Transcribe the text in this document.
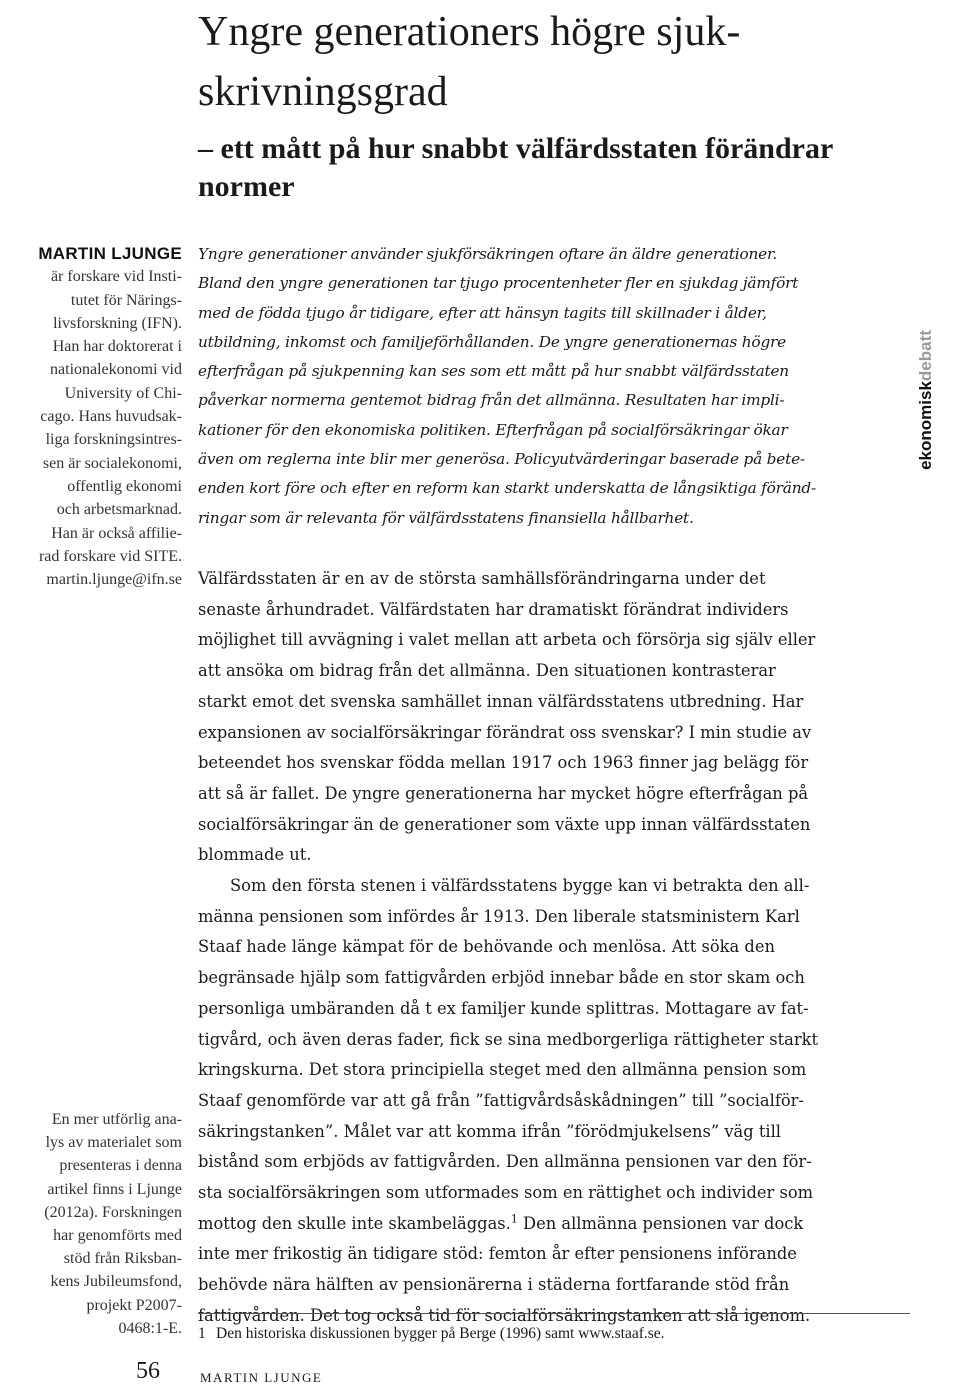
Yngre generationers högre sjuk-
skrivningsgrad
– ett mått på hur snabbt välfärdsstaten förändrar
normer
MARTIN LJUNGE
är forskare vid Insti-
tutet för Närings-
livsforskning (IFN).
Han har doktorerat i
nationalekonomi vid
University of Chi-
cago. Hans huvudsak-
liga forskningsintres-
sen är socialekonomi,
offentlig ekonomi
och arbetsmarknad.
Han är också affilie-
rad forskare vid SITE.
martin.ljunge@ifn.se
En mer utförlig ana-
lys av materialet som
presenteras i denna
artikel finns i Ljunge
(2012a). Forskningen
har genomförts med
stöd från Riksban-
kens Jubileumsfond,
projekt P2007-
0468:1-E.
ekonomiskdebatt

Yngre generationer använder sjukförsäkringen oftare än äldre generationer.
Bland den yngre generationen tar tjugo procentenheter fler en sjukdag jämfört
med de födda tjugo år tidigare, efter att hänsyn tagits till skillnader i ålder,
utbildning, inkomst och familjeförhållanden. De yngre generationernas högre
efterfrågan på sjukpenning kan ses som ett mått på hur snabbt välfärdsstaten
påverkar normerna gentemot bidrag från det allmänna. Resultaten har impli-
kationer för den ekonomiska politiken. Efterfrågan på socialförsäkringar ökar
även om reglerna inte blir mer generösa. Policyutvärderingar baserade på bete-
enden kort före och efter en reform kan starkt underskatta de långsiktiga föränd-
ringar som är relevanta för välfärdsstatens finansiella hållbarhet.

Välfärdsstaten är en av de största samhällsförändringarna under det
senaste århundradet. Välfärdstaten har dramatiskt förändrat individers
möjlighet till avvägning i valet mellan att arbeta och försörja sig själv eller
att ansöka om bidrag från det allmänna. Den situationen kontrasterar
starkt emot det svenska samhället innan välfärdsstatens utbredning. Har
expansionen av socialförsäkringar förändrat oss svenskar? I min studie av
beteendet hos svenskar födda mellan 1917 och 1963 finner jag belägg för
att så är fallet. De yngre generationerna har mycket högre efterfrågan på
socialförsäkringar än de generationer som växte upp innan välfärdsstaten
blommade ut.
Som den första stenen i välfärdsstatens bygge kan vi betrakta den all-
männa pensionen som infördes år 1913. Den liberale statsministern Karl
Staaf hade länge kämpat för de behövande och menlösa. Att söka den
begränsade hjälp som fattigvården erbjöd innebar både en stor skam och
personliga umbäranden då t ex familjer kunde splittras. Mottagare av fat-
tigvård, och även deras fader, fick se sina medborgerliga rättigheter starkt
kringskurna. Det stora principiella steget med den allmänna pension som
Staaf genomförde var att gå från ”fattigvårdsåskådningen” till ”socialför-
säkringstanken”. Målet var att komma ifrån ”förödmjukelsens” väg till
bistånd som erbjöds av fattigvården. Den allmänna pensionen var den för-
sta socialförsäkringen som utformades som en rättighet och individer som
mottog den skulle inte skambeläggas.$^1$ Den allmänna pensionen var dock
inte mer frikostig än tidigare stöd: femton år efter pensionens införande
behövde nära hälften av pensionärerna i städerna fortfarande stöd från
fattigvården. Det tog också tid för socialförsäkringstanken att slå igenom.
1 Den historiska diskussionen bygger på Berge (1996) samt www.staaf.se.
56	MARTIN LJUNGE
